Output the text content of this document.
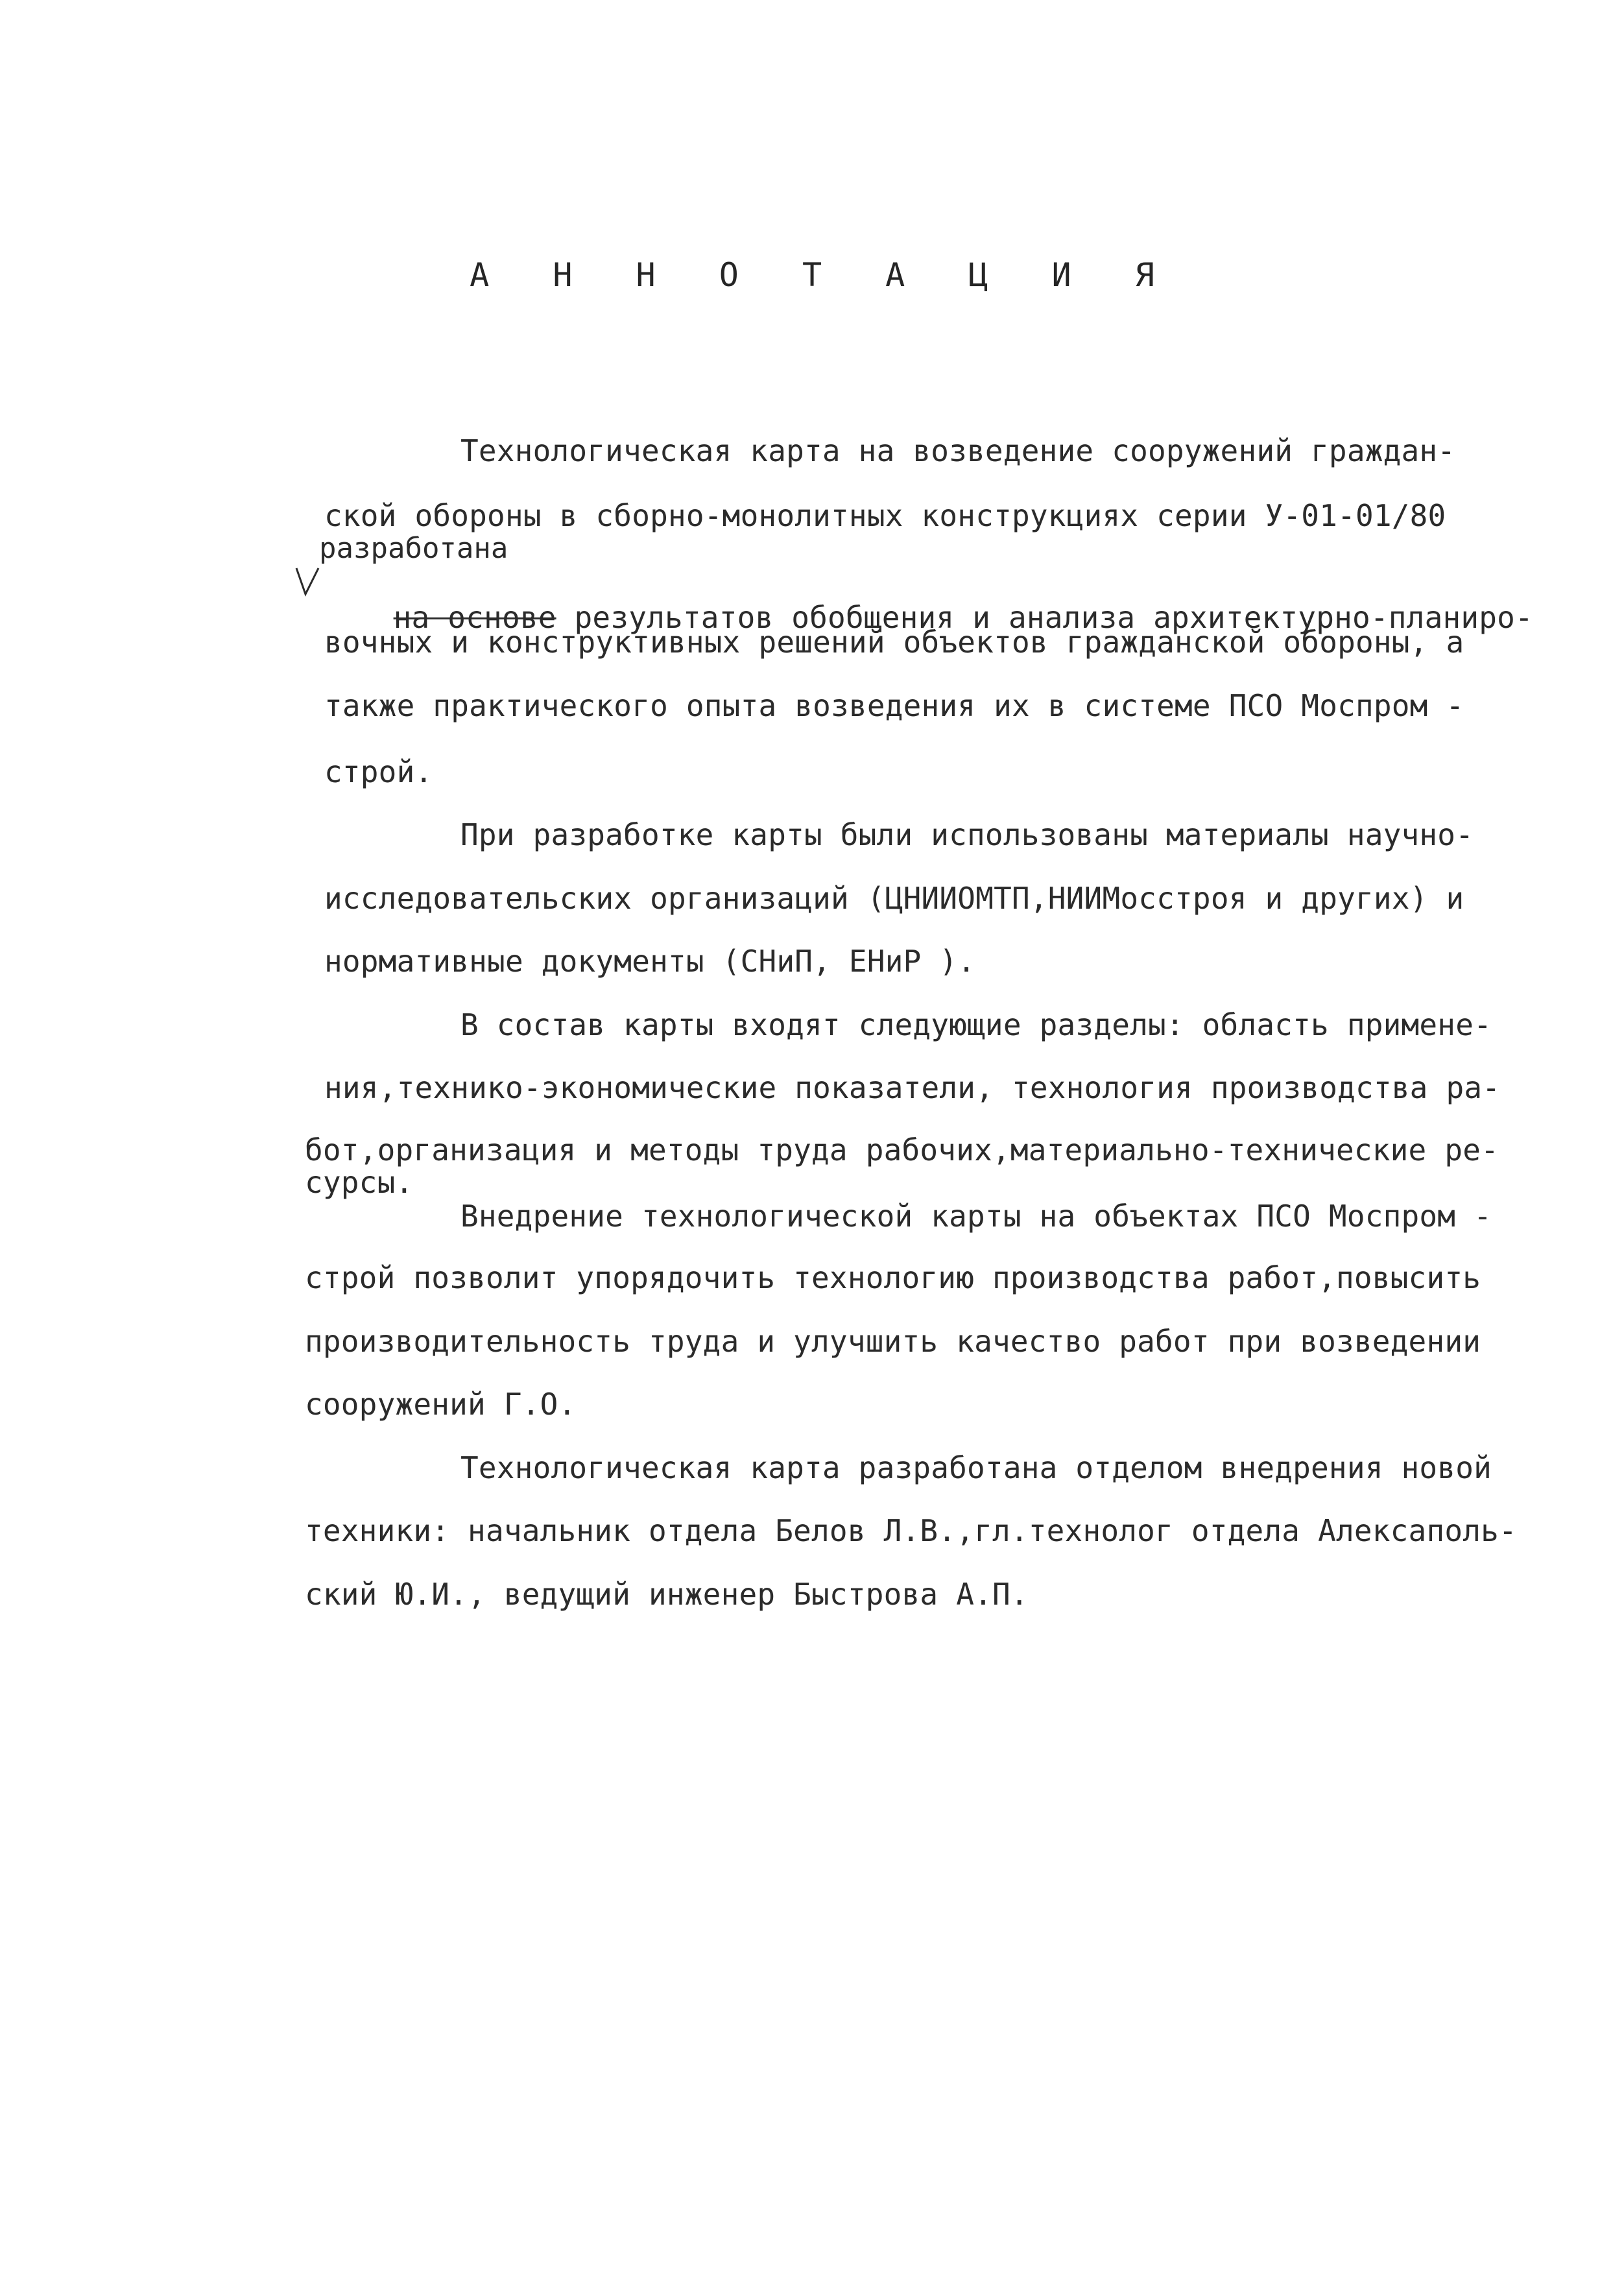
А Н Н О Т А Ц И Я
Технологическая карта на возведение сооружений граждан-
ской обороны в сборно-монолитных конструкциях серии У-01-01/80
разработана

на основе результатов обобщения и анализа архитектурно-планиро-

вочных и конструктивных решений объектов гражданской обороны, а
также практического опыта возведения их в системе ПСО Моспром -
строй.
При разработке карты были использованы материалы научно-
исследовательских организаций (ЦНИИОМТП,НИИМосстроя и других) и
нормативные документы (СНиП, ЕНиР ).
В состав карты входят следующие разделы: область примене-
ния,технико-экономические показатели, технология производства ра-
бот,организация и методы труда рабочих,материально-технические ре-
сурсы.
Внедрение технологической карты на объектах ПСО Моспром -
строй позволит упорядочить технологию производства работ,повысить
производительность труда и улучшить качество работ при возведении
сооружений Г.О.
Технологическая карта разработана отделом внедрения новой
техники: начальник отдела Белов Л.В.,гл.технолог отдела Алексаполь-
ский Ю.И., ведущий инженер Быстрова А.П.
